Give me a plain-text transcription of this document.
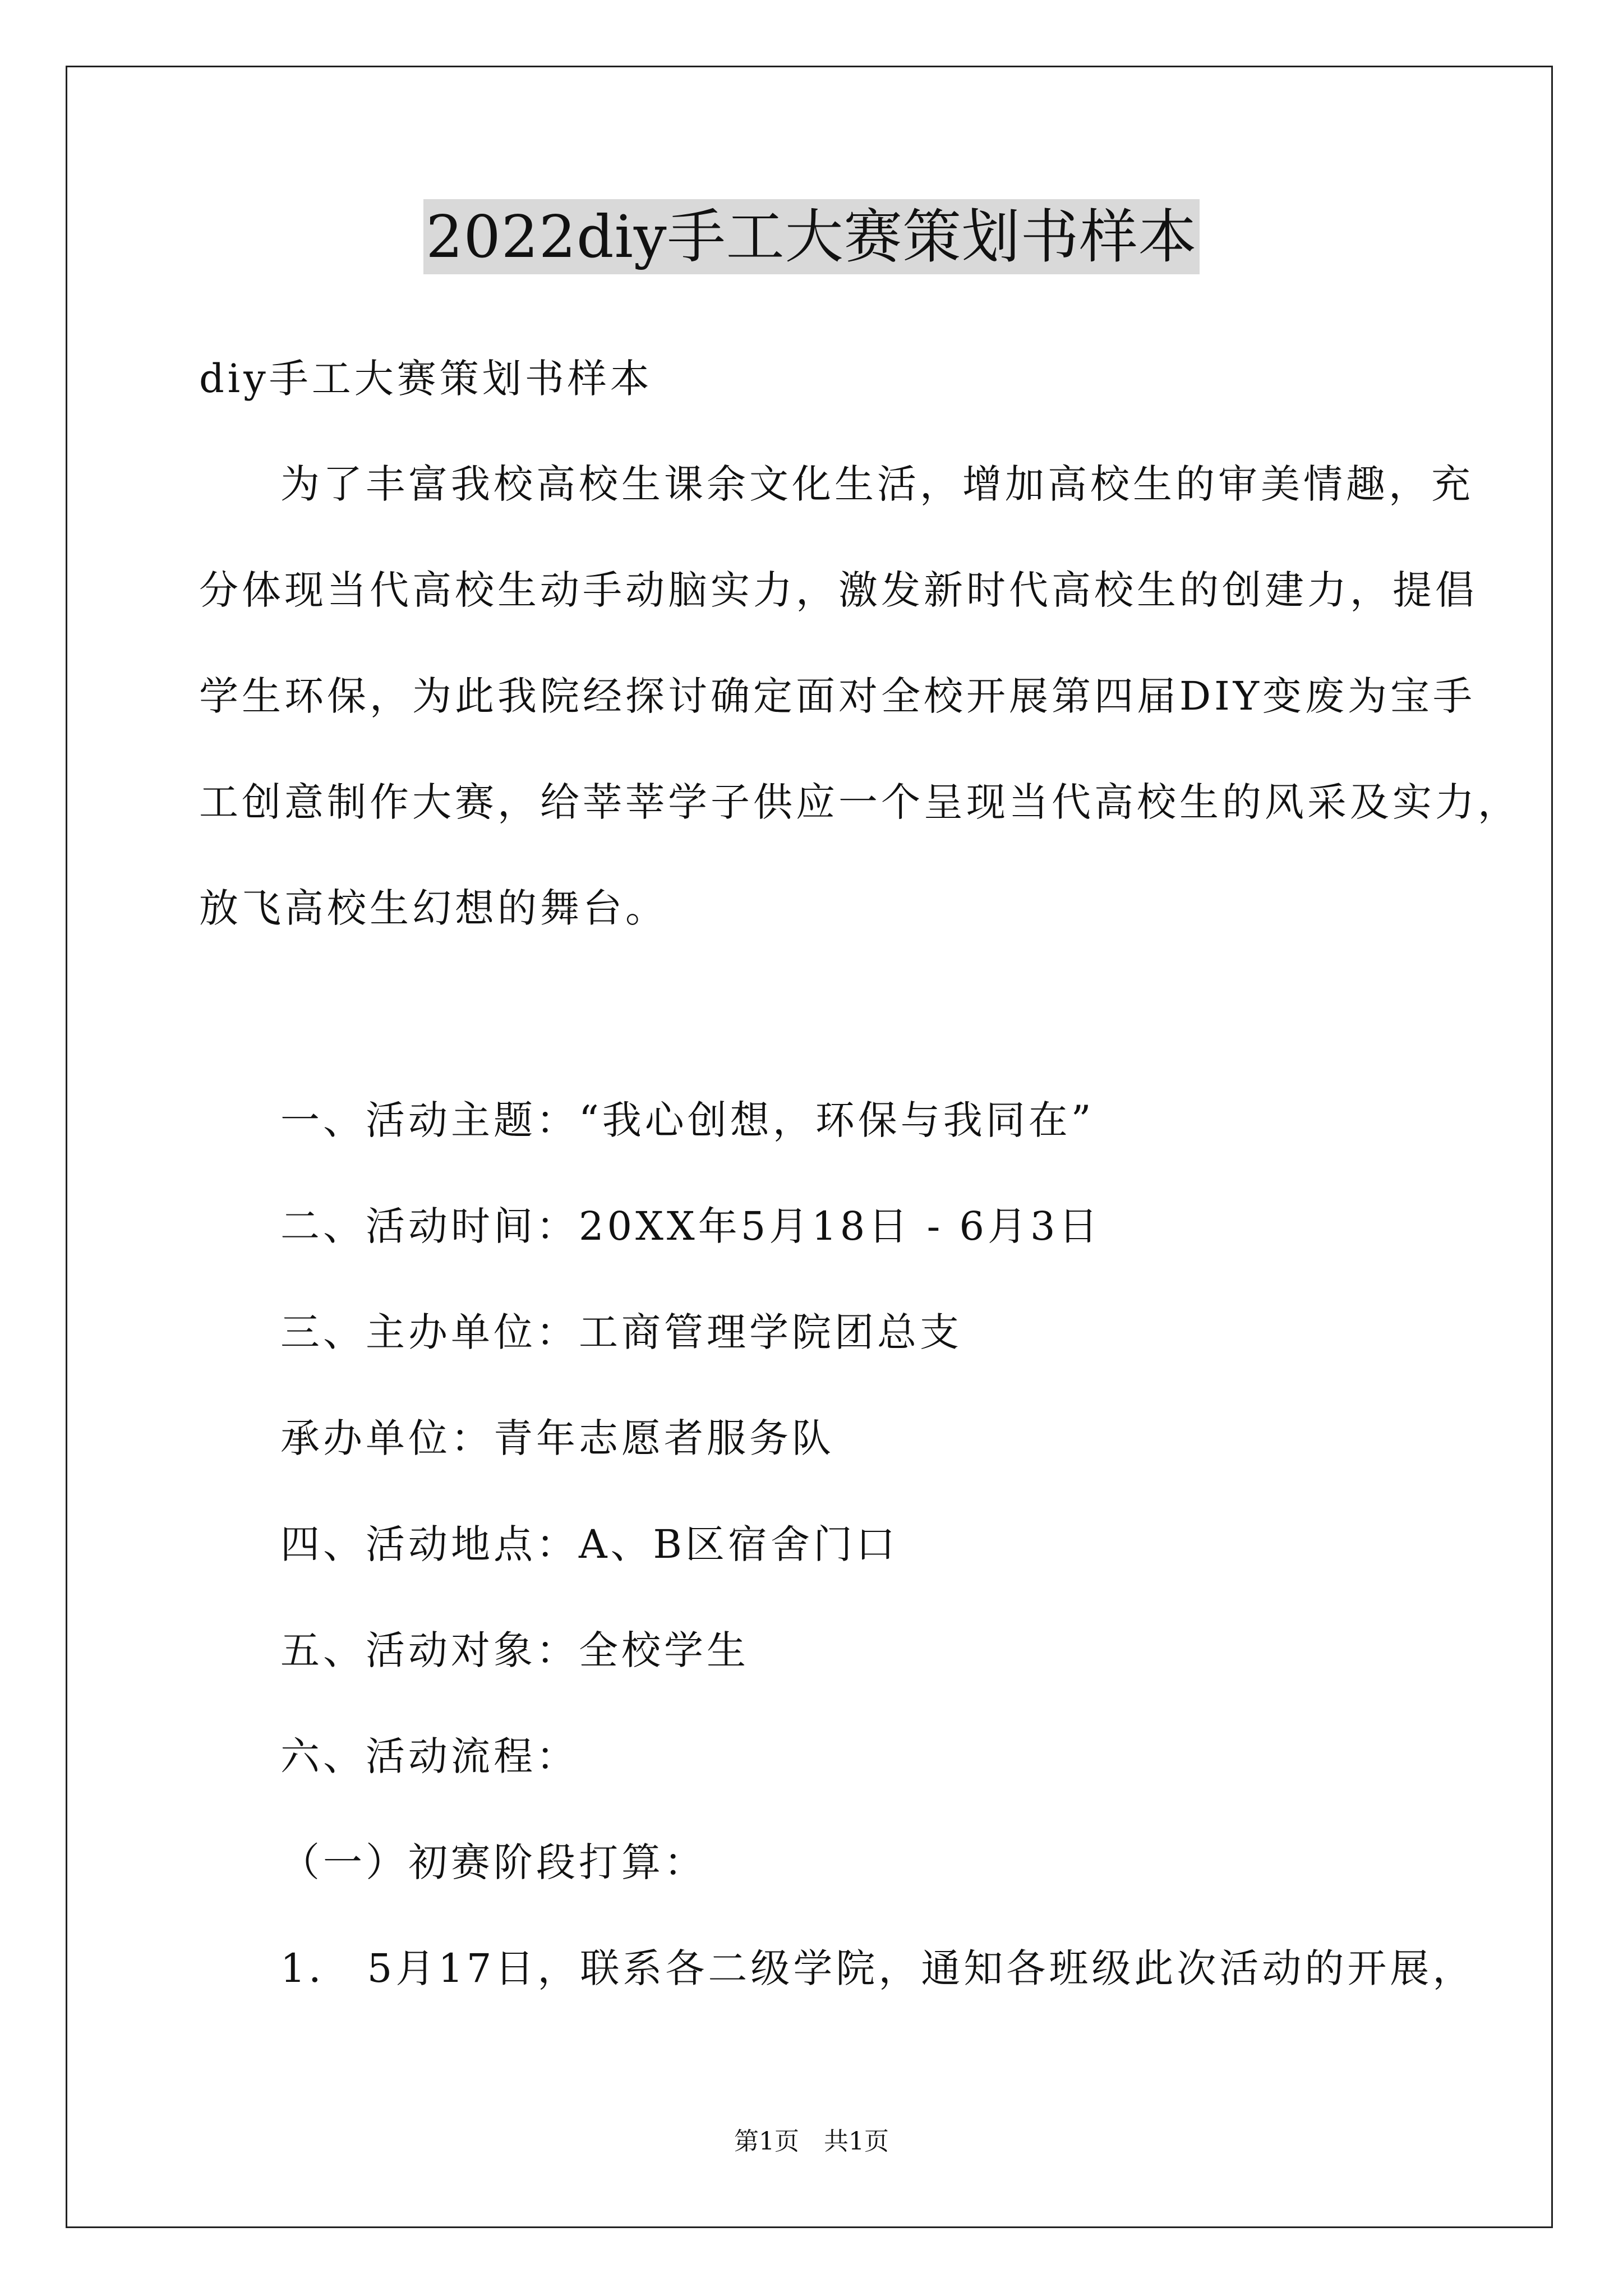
2022diy手工大赛策划书样本
diy手工大赛策划书样本
为了丰富我校高校生课余文化生活，增加高校生的审美情趣，充
分体现当代高校生动手动脑实力，激发新时代高校生的创建力，提倡
学生环保，为此我院经探讨确定面对全校开展第四届DIY变废为宝手
工创意制作大赛，给莘莘学子供应一个呈现当代高校生的风采及实力，
放飞高校生幻想的舞台。
一、活动主题：“我心创想，环保与我同在”
二、活动时间：20XX年5月18日 - 6月3日
三、主办单位：工商管理学院团总支
承办单位：青年志愿者服务队
四、活动地点：A、B区宿舍门口
五、活动对象：全校学生
六、活动流程：
（一）初赛阶段打算：
1． 5月17日，联系各二级学院，通知各班级此次活动的开展，
第1页　共1页
